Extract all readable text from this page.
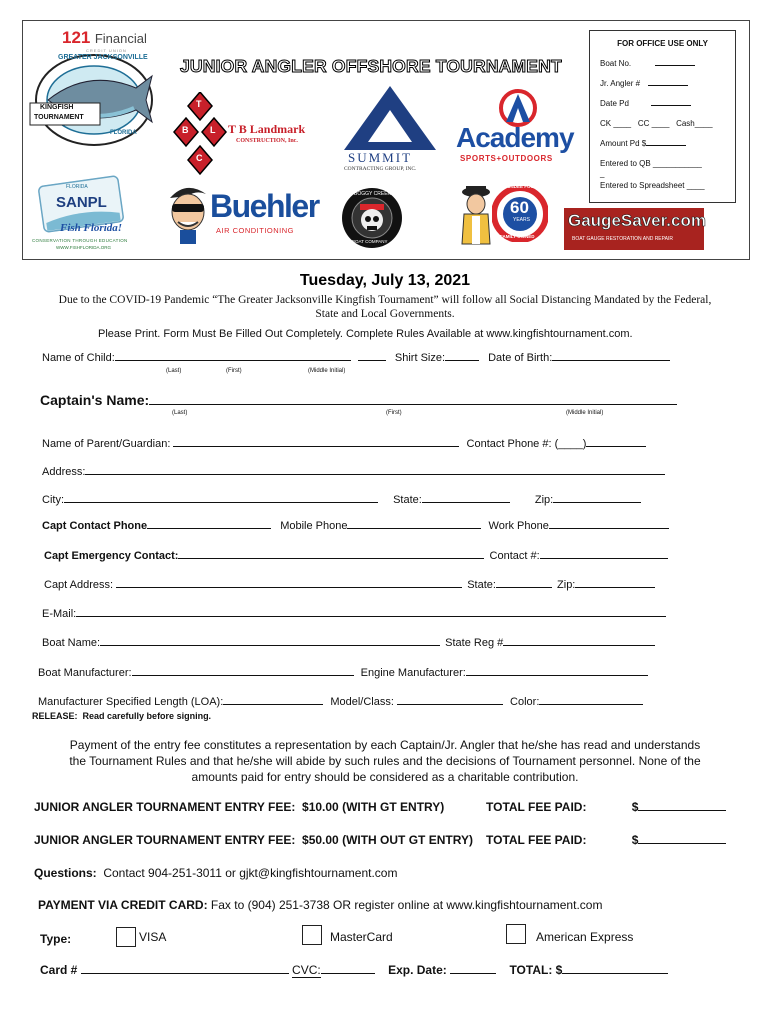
JUNIOR ANGLER OFFSHORE TOURNAMENT
121 Financial
CREDIT UNION
GREATER JACKSONVILLE
KINGFISH
TOURNAMENT
FLORIDA
T
B L
C
T B Landmark
CONSTRUCTION, Inc.
SUMMIT
CONTRACTING GROUP, INC.
Academy
SPORTS+OUTDOORS
FOR OFFICE USE ONLY
Boat No.
Jr. Angler #
Date Pd
CK ____ CC ____ Cash____
Amount Pd $
Entered to QB ___________
_
Entered to Spreadsheet ____
FLORIDA
SANPL
Fish Florida!
CONSERVATION THROUGH EDUCATION
WWW.FISHFLORIDA.ORG
Buehler
AIR CONDITIONING
BOGGY CREEK
BOAT COMPANY
DUNDEE FOODS
60
YEARS
FAMILY OWNED
GaugeSaver.com
BOAT GAUGE RESTORATION AND REPAIR
Tuesday, July 13, 2021
Due to the COVID-19 Pandemic “The Greater Jacksonville Kingfish Tournament” will follow all Social Distancing Mandated by the Federal,
State and Local Governments.
Please Print. Form Must Be Filled Out Completely. Complete Rules Available at www.kingfishtournament.com.
Name of Child:	Shirt Size:	Date of Birth:
(Last)	(First)	(Middle Initial)
Captain's Name:
(Last)	(First)	(Middle Initial)
Name of Parent/Guardian:	Contact Phone #: (____)
Address:
City:	State:	Zip:
Capt Contact Phone	Mobile Phone	Work Phone
Capt Emergency Contact:	Contact #:
Capt Address:	State:	Zip:
E-Mail:
Boat Name:	State Reg #
Boat Manufacturer:	Engine Manufacturer:
Manufacturer Specified Length (LOA):	Model/Class:	Color:
RELEASE: Read carefully before signing.
Payment of the entry fee constitutes a representation by each Captain/Jr. Angler that he/she has read and understands
the Tournament Rules and that he/she will abide by such rules and the decisions of Tournament personnel. None of the
amounts paid for entry should be considered as a charitable contribution.
JUNIOR ANGLER TOURNAMENT ENTRY FEE: $10.00 (WITH GT ENTRY)	TOTAL FEE PAID:	$
JUNIOR ANGLER TOURNAMENT ENTRY FEE: $50.00 (WITH OUT GT ENTRY) TOTAL FEE PAID:	$
Questions: Contact 904-251-3011 or gjkt@kingfishtournament.com
PAYMENT VIA CREDIT CARD: Fax to (904) 251-3738 OR register online at www.kingfishtournament.com
Type:	VISA	MasterCard	American Express
Card #	CVC:	Exp. Date:	TOTAL: $
